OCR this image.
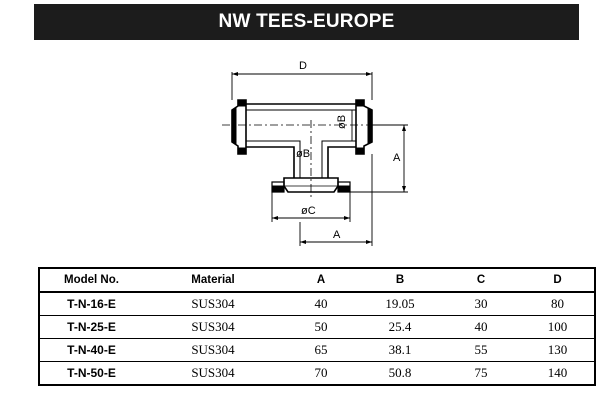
NW TEES-EUROPE
D
A
A
øB
øB
øC
Model No.	Material	A	B	C	D
T-N-16-E	SUS304	40	19.05	30	80
T-N-25-E	SUS304	50	25.4	40	100
T-N-40-E	SUS304	65	38.1	55	130
T-N-50-E	SUS304	70	50.8	75	140
